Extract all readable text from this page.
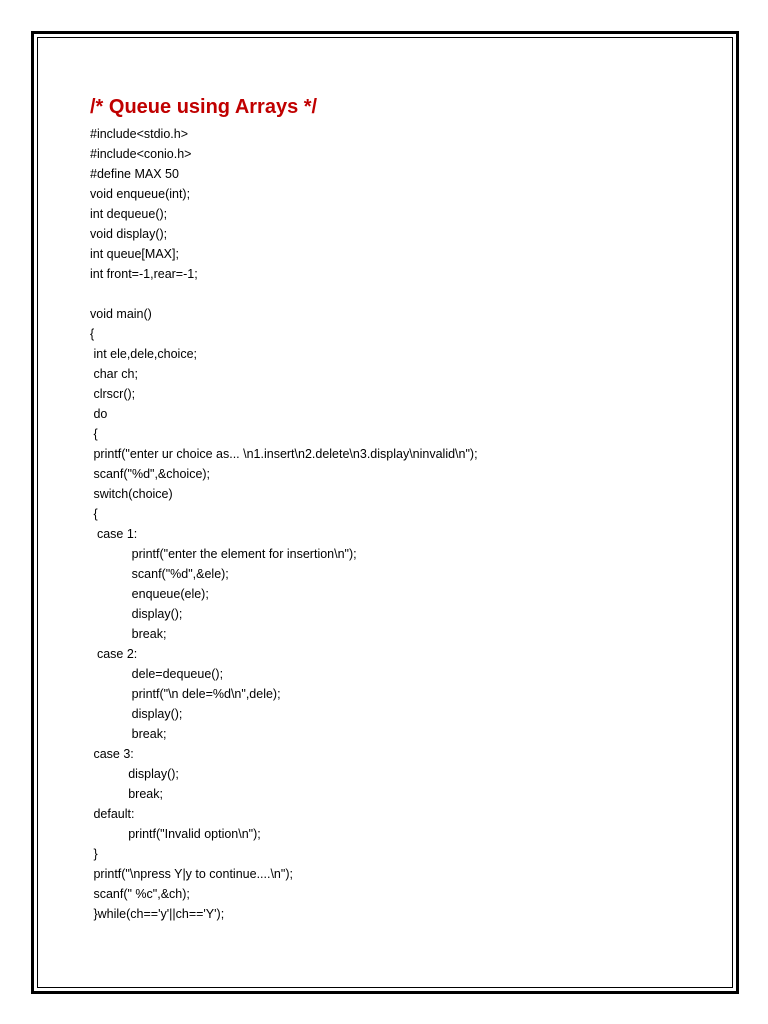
/* Queue using Arrays */
#include<stdio.h>
#include<conio.h>
#define MAX 50
void enqueue(int);
int dequeue();
void display();
int queue[MAX];
int front=-1,rear=-1;
void main()
{
int ele,dele,choice;
char ch;
clrscr();
do
{
printf("enter ur choice as... \n1.insert\n2.delete\n3.display\ninvalid\n");
scanf("%d",&choice);
switch(choice)
{
case 1:
printf("enter the element for insertion\n");
scanf("%d",&ele);
enqueue(ele);
display();
break;
case 2:
dele=dequeue();
printf("\n dele=%d\n",dele);
display();
break;
case 3:
display();
break;
default:
printf("Invalid option\n");
}
printf("\npress Y|y to continue....\n");
scanf(" %c",&ch);
}while(ch=='y'||ch=='Y');
